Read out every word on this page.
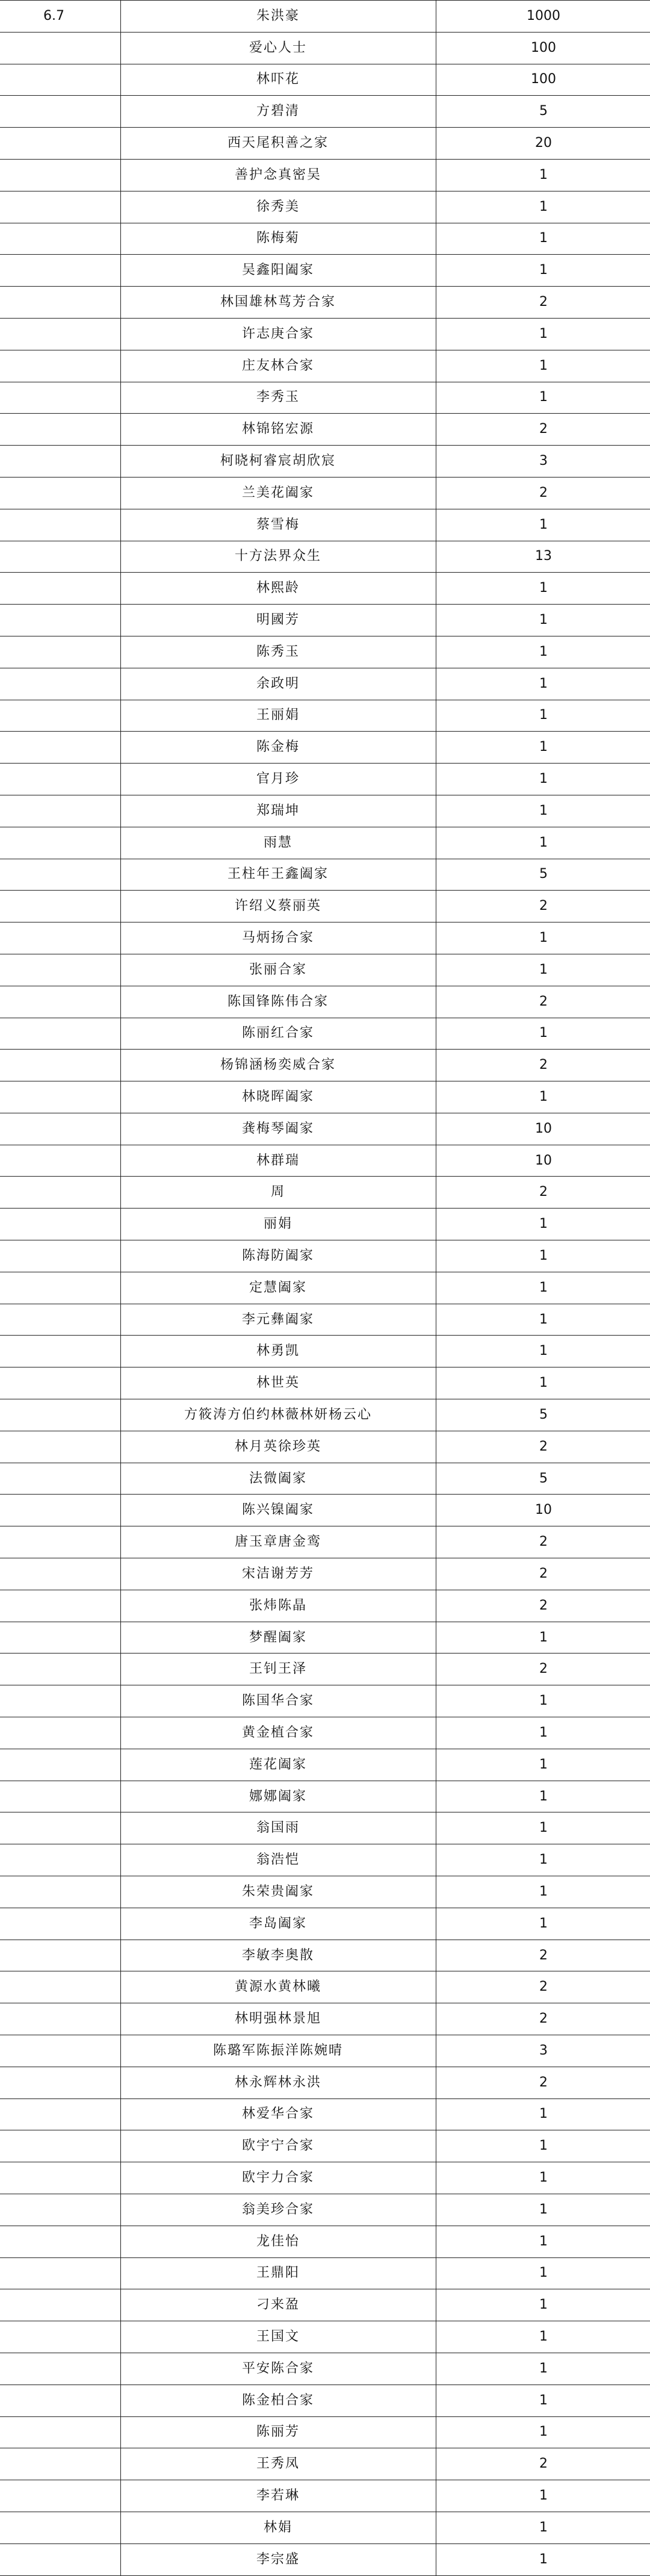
6.7	朱洪豪	1000
	爱心人士	100
	林吓花	100
	方碧清	5
	西天尾积善之家	20
	善护念真密吴	1
	徐秀美	1
	陈梅菊	1
	吴鑫阳阖家	1
	林国雄林茑芳合家	2
	许志庚合家	1
	庄友林合家	1
	李秀玉	1
	林锦铭宏源	2
	柯晓柯睿宸胡欣宸	3
	兰美花阖家	2
	蔡雪梅	1
	十方法界众生	13
	林熙龄	1
	明國芳	1
	陈秀玉	1
	余政明	1
	王丽娟	1
	陈金梅	1
	官月珍	1
	郑瑞坤	1
	雨慧	1
	王柱年王鑫阖家	5
	许绍义蔡丽英	2
	马炳扬合家	1
	张丽合家	1
	陈国锋陈伟合家	2
	陈丽红合家	1
	杨锦涵杨奕威合家	2
	林晓晖阖家	1
	龚梅琴阖家	10
	林群瑞	10
	周	2
	丽娟	1
	陈海防阖家	1
	定慧阖家	1
	李元彝阖家	1
	林勇凯	1
	林世英	1
	方筱涛方伯约林薇林妍杨云心	5
	林月英徐珍英	2
	法微阖家	5
	陈兴镍阖家	10
	唐玉章唐金鸾	2
	宋洁谢芳芳	2
	张炜陈晶	2
	梦醒阖家	1
	王钊王泽	2
	陈国华合家	1
	黄金植合家	1
	莲花阖家	1
	娜娜阖家	1
	翁国雨	1
	翁浩恺	1
	朱荣贵阖家	1
	李岛阖家	1
	李敏李奥散	2
	黄源水黄林曦	2
	林明强林景旭	2
	陈璐军陈振洋陈婉晴	3
	林永辉林永洪	2
	林爱华合家	1
	欧宇宁合家	1
	欧宇力合家	1
	翁美珍合家	1
	龙佳怡	1
	王鼎阳	1
	刁来盈	1
	王国文	1
	平安陈合家	1
	陈金柏合家	1
	陈丽芳	1
	王秀凤	2
	李若琳	1
	林娟	1
	李宗盛	1
